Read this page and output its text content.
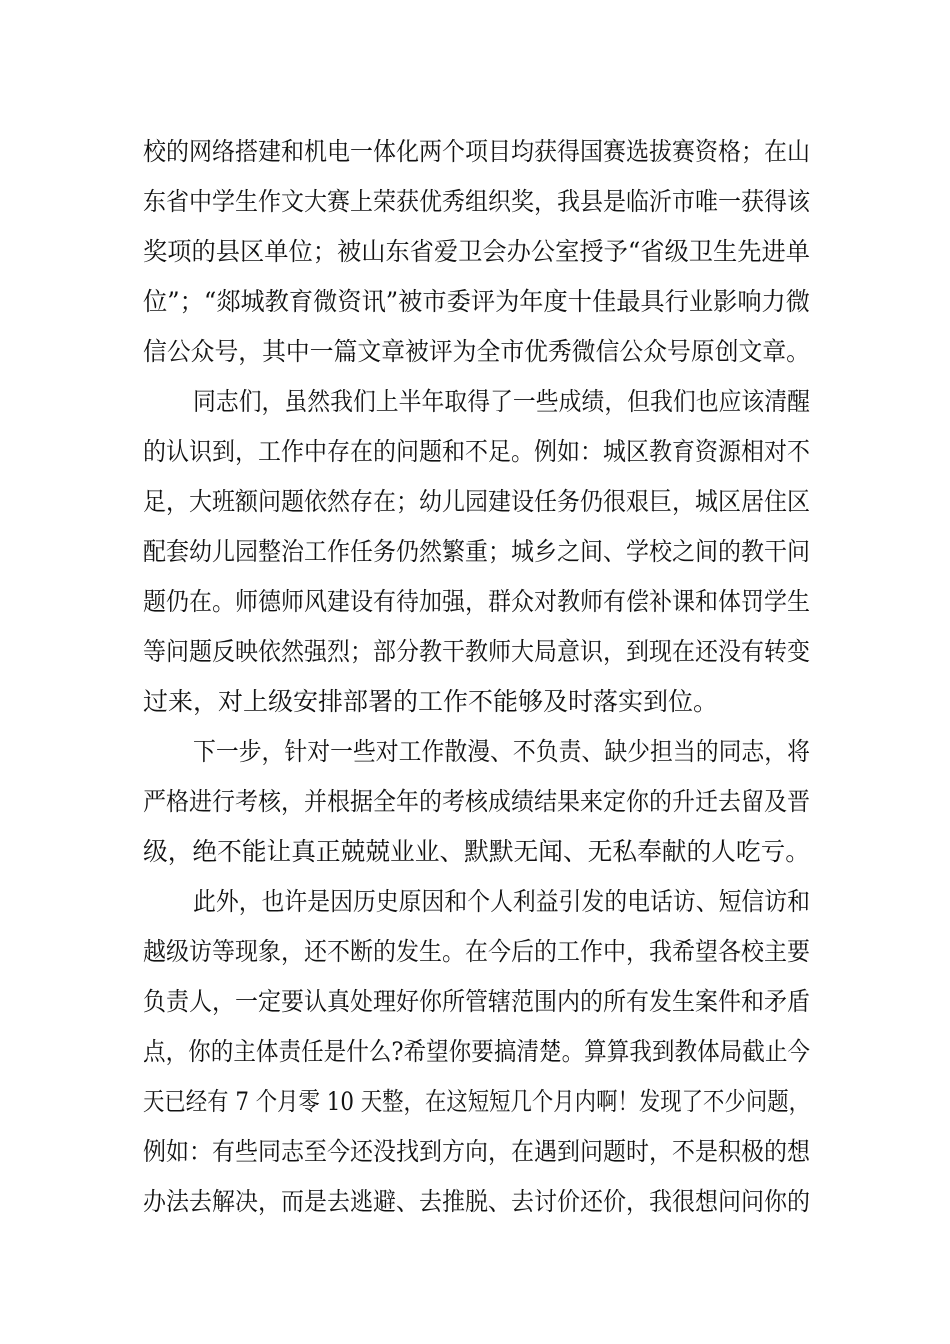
校的网络搭建和机电一体化两个项目均获得国赛选拔赛资格；在山
东省中学生作文大赛上荣获优秀组织奖，我县是临沂市唯一获得该
奖项的县区单位；被山东省爱卫会办公室授予“省级卫生先进单
位”；“郯城教育微资讯”被市委评为年度十佳最具行业影响力微
信公众号，其中一篇文章被评为全市优秀微信公众号原创文章。
同志们，虽然我们上半年取得了一些成绩，但我们也应该清醒
的认识到，工作中存在的问题和不足。例如：城区教育资源相对不
足，大班额问题依然存在；幼儿园建设任务仍很艰巨，城区居住区
配套幼儿园整治工作任务仍然繁重；城乡之间、学校之间的教干问
题仍在。师德师风建设有待加强，群众对教师有偿补课和体罚学生
等问题反映依然强烈；部分教干教师大局意识，到现在还没有转变
过来，对上级安排部署的工作不能够及时落实到位。
下一步，针对一些对工作散漫、不负责、缺少担当的同志，将
严格进行考核，并根据全年的考核成绩结果来定你的升迁去留及晋
级，绝不能让真正兢兢业业、默默无闻、无私奉献的人吃亏。
此外，也许是因历史原因和个人利益引发的电话访、短信访和
越级访等现象，还不断的发生。在今后的工作中，我希望各校主要
负责人，一定要认真处理好你所管辖范围内的所有发生案件和矛盾
点，你的主体责任是什么?希望你要搞清楚。算算我到教体局截止今
天已经有 7 个月零 10 天整，在这短短几个月内啊！发现了不少问题，
例如：有些同志至今还没找到方向，在遇到问题时，不是积极的想
办法去解决，而是去逃避、去推脱、去讨价还价，我很想问问你的
